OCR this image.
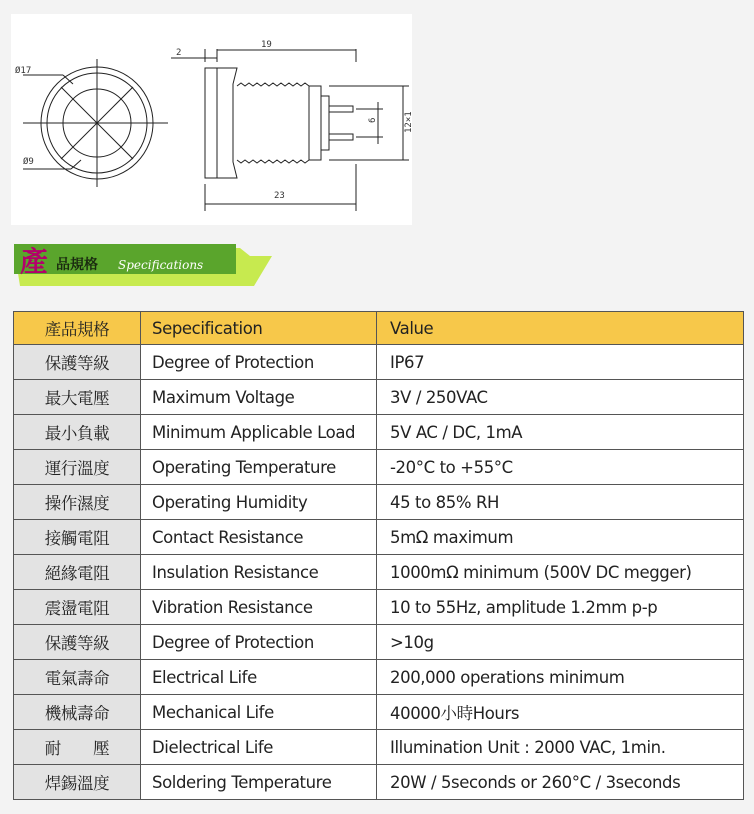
Ø17
Ø9
2
19
23
6	12×1
產 品規格 Specifications
產品規格	Sepecification	Value
保護等級	Degree of Protection	IP67
最大電壓	Maximum Voltage	3V / 250VAC
最小負載	Minimum Applicable Load	5V AC / DC, 1mA
運行溫度	Operating Temperature	-20°C to +55°C
操作濕度	Operating Humidity	45 to 85% RH
接觸電阻	Contact Resistance	5mΩ maximum
絕緣電阻	Insulation Resistance	1000mΩ minimum (500V DC megger)
震盪電阻	Vibration Resistance	10 to 55Hz, amplitude 1.2mm p-p
保護等級	Degree of Protection	>10g
電氣壽命	Electrical Life	200,000 operations minimum
機械壽命	Mechanical Life	40000小時Hours
耐　　壓	Dielectrical Life	Illumination Unit : 2000 VAC, 1min.
焊錫溫度	Soldering Temperature	20W / 5seconds or 260°C / 3seconds
